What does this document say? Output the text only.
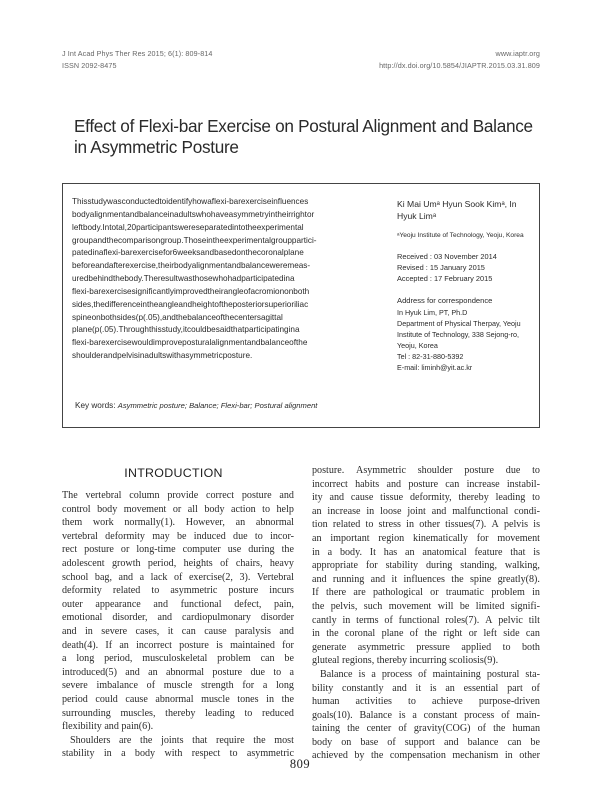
J Int Acad Phys Ther Res 2015; 6(1): 809-814
ISSN 2092-8475
www.iaptr.org
http://dx.doi.org/10.5854/JIAPTR.2015.03.31.809
Effect of Flexi-bar Exercise on Postural Alignment and Balance
in Asymmetric Posture
Thisstudywasconductedtoidentifyhowaflexi-barexerciseinfluences
bodyalignmentandbalanceinadultswhohaveasymmetryintheirrightor
leftbody.Intotal,20participantswereseparatedintotheexperimental
groupandthecomparisongroup.Thoseintheexperimentalgrouppartici-
patedinaflexi-barexercisefor6weeksandbasedonthecoronalplane
beforeandafterexercise,theirbodyalignmentandbalanceweremeas-
uredbehindthebody.Theresultwasthosewhohadparticipatedina
flexi-barexercisesignificantlyimprovedtheirangleofacromiononboth
sides,thedifferenceintheangleandheightoftheposteriorsuperioriliac
spineonbothsides(p(.05),andthebalanceofthecentersagittal
plane(p(.05).Throughthisstudy,itcouldbesaidthatparticipatingina
flexi-barexercisewouldimproveposturalalignmentandbalanceofthe
shoulderandpelvisinadultswithasymmetricposture.
Ki Mai Umᵃ Hyun Sook Kimᵃ, In
Hyuk Limᵃ
ᵃYeoju Institute of Technology, Yeoju, Korea
Received : 03 November 2014
Revised : 15 January 2015
Accepted : 17 February 2015
Address for correspondence
In Hyuk Lim, PT, Ph.D
Department of Physical Therpay, Yeoju
Institute of Technology, 338 Sejong-ro,
Yeoju, Korea
Tel : 82-31-880-5392
E-mail: liminh@yit.ac.kr
Key words: Asymmetric posture; Balance; Flexi-bar; Postural alignment
INTRODUCTION
The vertebral column provide correct posture and
control body movement or all body action to help
them work normally(1). However, an abnormal
vertebral deformity may be induced due to incor-
rect posture or long-time computer use during the
adolescent growth period, heights of chairs, heavy
school bag, and a lack of exercise(2, 3). Vertebral
deformity related to asymmetric posture incurs
outer appearance and functional defect, pain,
emotional disorder, and cardiopulmonary disorder
and in severe cases, it can cause paralysis and
death(4). If an incorrect posture is maintained for
a long period, musculoskeletal problem can be
introduced(5) and an abnormal posture due to a
severe imbalance of muscle strength for a long
period could cause abnormal muscle tones in the
surrounding muscles, thereby leading to reduced
flexibility and pain(6).
Shoulders are the joints that require the most
stability in a body with respect to asymmetric
posture. Asymmetric shoulder posture due to
incorrect habits and posture can increase instabil-
ity and cause tissue deformity, thereby leading to
an increase in loose joint and malfunctional condi-
tion related to stress in other tissues(7). A pelvis is
an important region kinematically for movement
in a body. It has an anatomical feature that is
appropriate for stability during standing, walking,
and running and it influences the spine greatly(8).
If there are pathological or traumatic problem in
the pelvis, such movement will be limited signifi-
cantly in terms of functional roles(7). A pelvic tilt
in the coronal plane of the right or left side can
generate asymmetric pressure applied to both
gluteal regions, thereby incurring scoliosis(9).
Balance is a process of maintaining postural sta-
bility constantly and it is an essential part of
human activities to achieve purpose-driven
goals(10). Balance is a constant process of main-
taining the center of gravity(COG) of the human
body on base of support and balance can be
achieved by the compensation mechanism in other
809
